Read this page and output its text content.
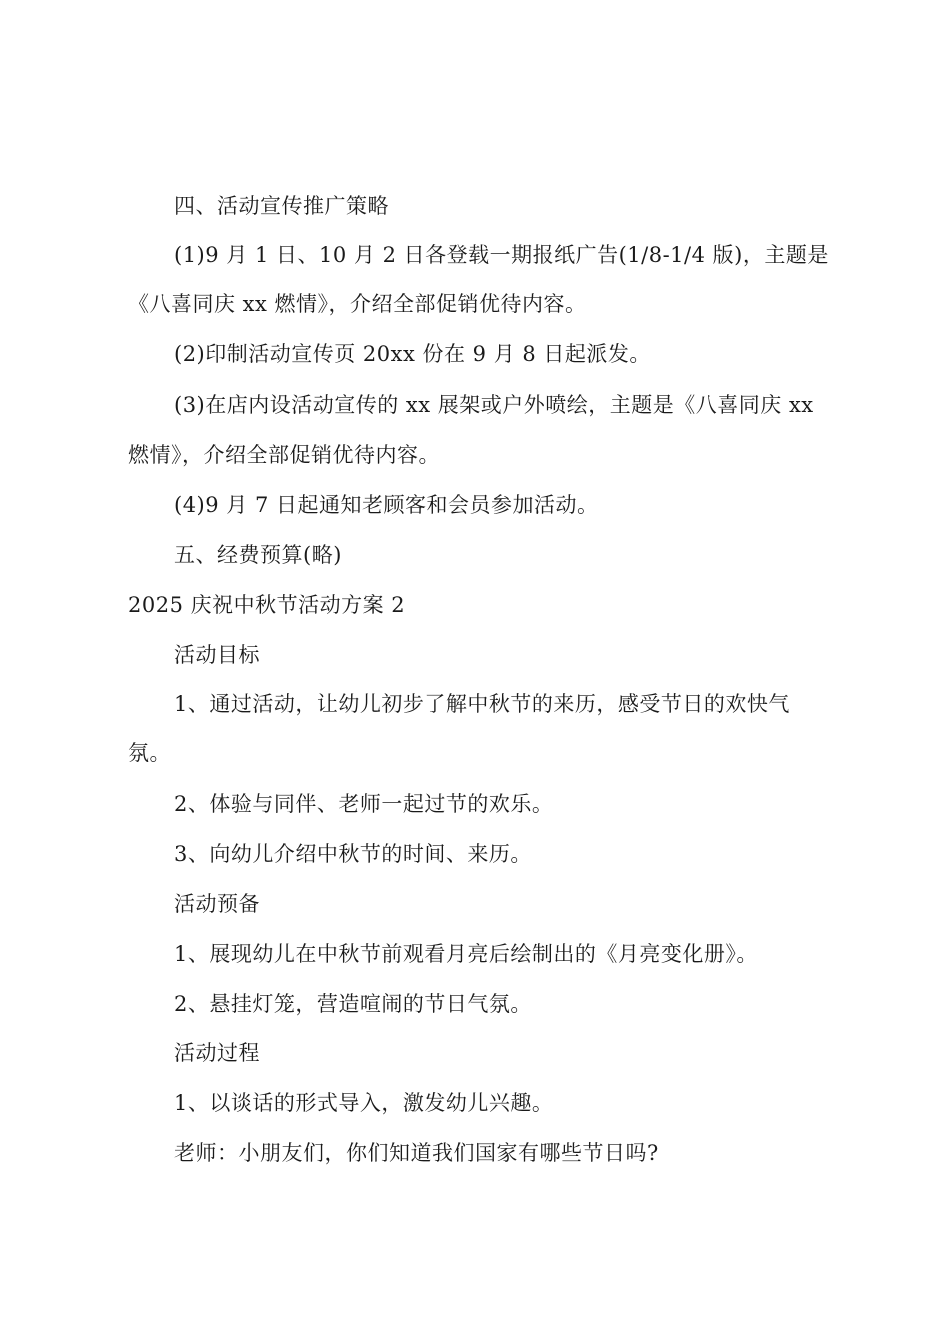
四、活动宣传推广策略
(1)9 月 1 日、10 月 2 日各登载一期报纸广告(1/8-1/4 版)，主题是
《八喜同庆 xx 燃情》，介绍全部促销优待内容。
(2)印制活动宣传页 20xx 份在 9 月 8 日起派发。
(3)在店内设活动宣传的 xx 展架或户外喷绘，主题是《八喜同庆 xx
燃情》，介绍全部促销优待内容。
(4)9 月 7 日起通知老顾客和会员参加活动。
五、经费预算(略)
2025 庆祝中秋节活动方案 2
活动目标
1、通过活动，让幼儿初步了解中秋节的来历，感受节日的欢快气
氛。
2、体验与同伴、老师一起过节的欢乐。
3、向幼儿介绍中秋节的时间、来历。
活动预备
1、展现幼儿在中秋节前观看月亮后绘制出的《月亮变化册》。
2、悬挂灯笼，营造喧闹的节日气氛。
活动过程
1、以谈话的形式导入，激发幼儿兴趣。
老师：小朋友们，你们知道我们国家有哪些节日吗?
